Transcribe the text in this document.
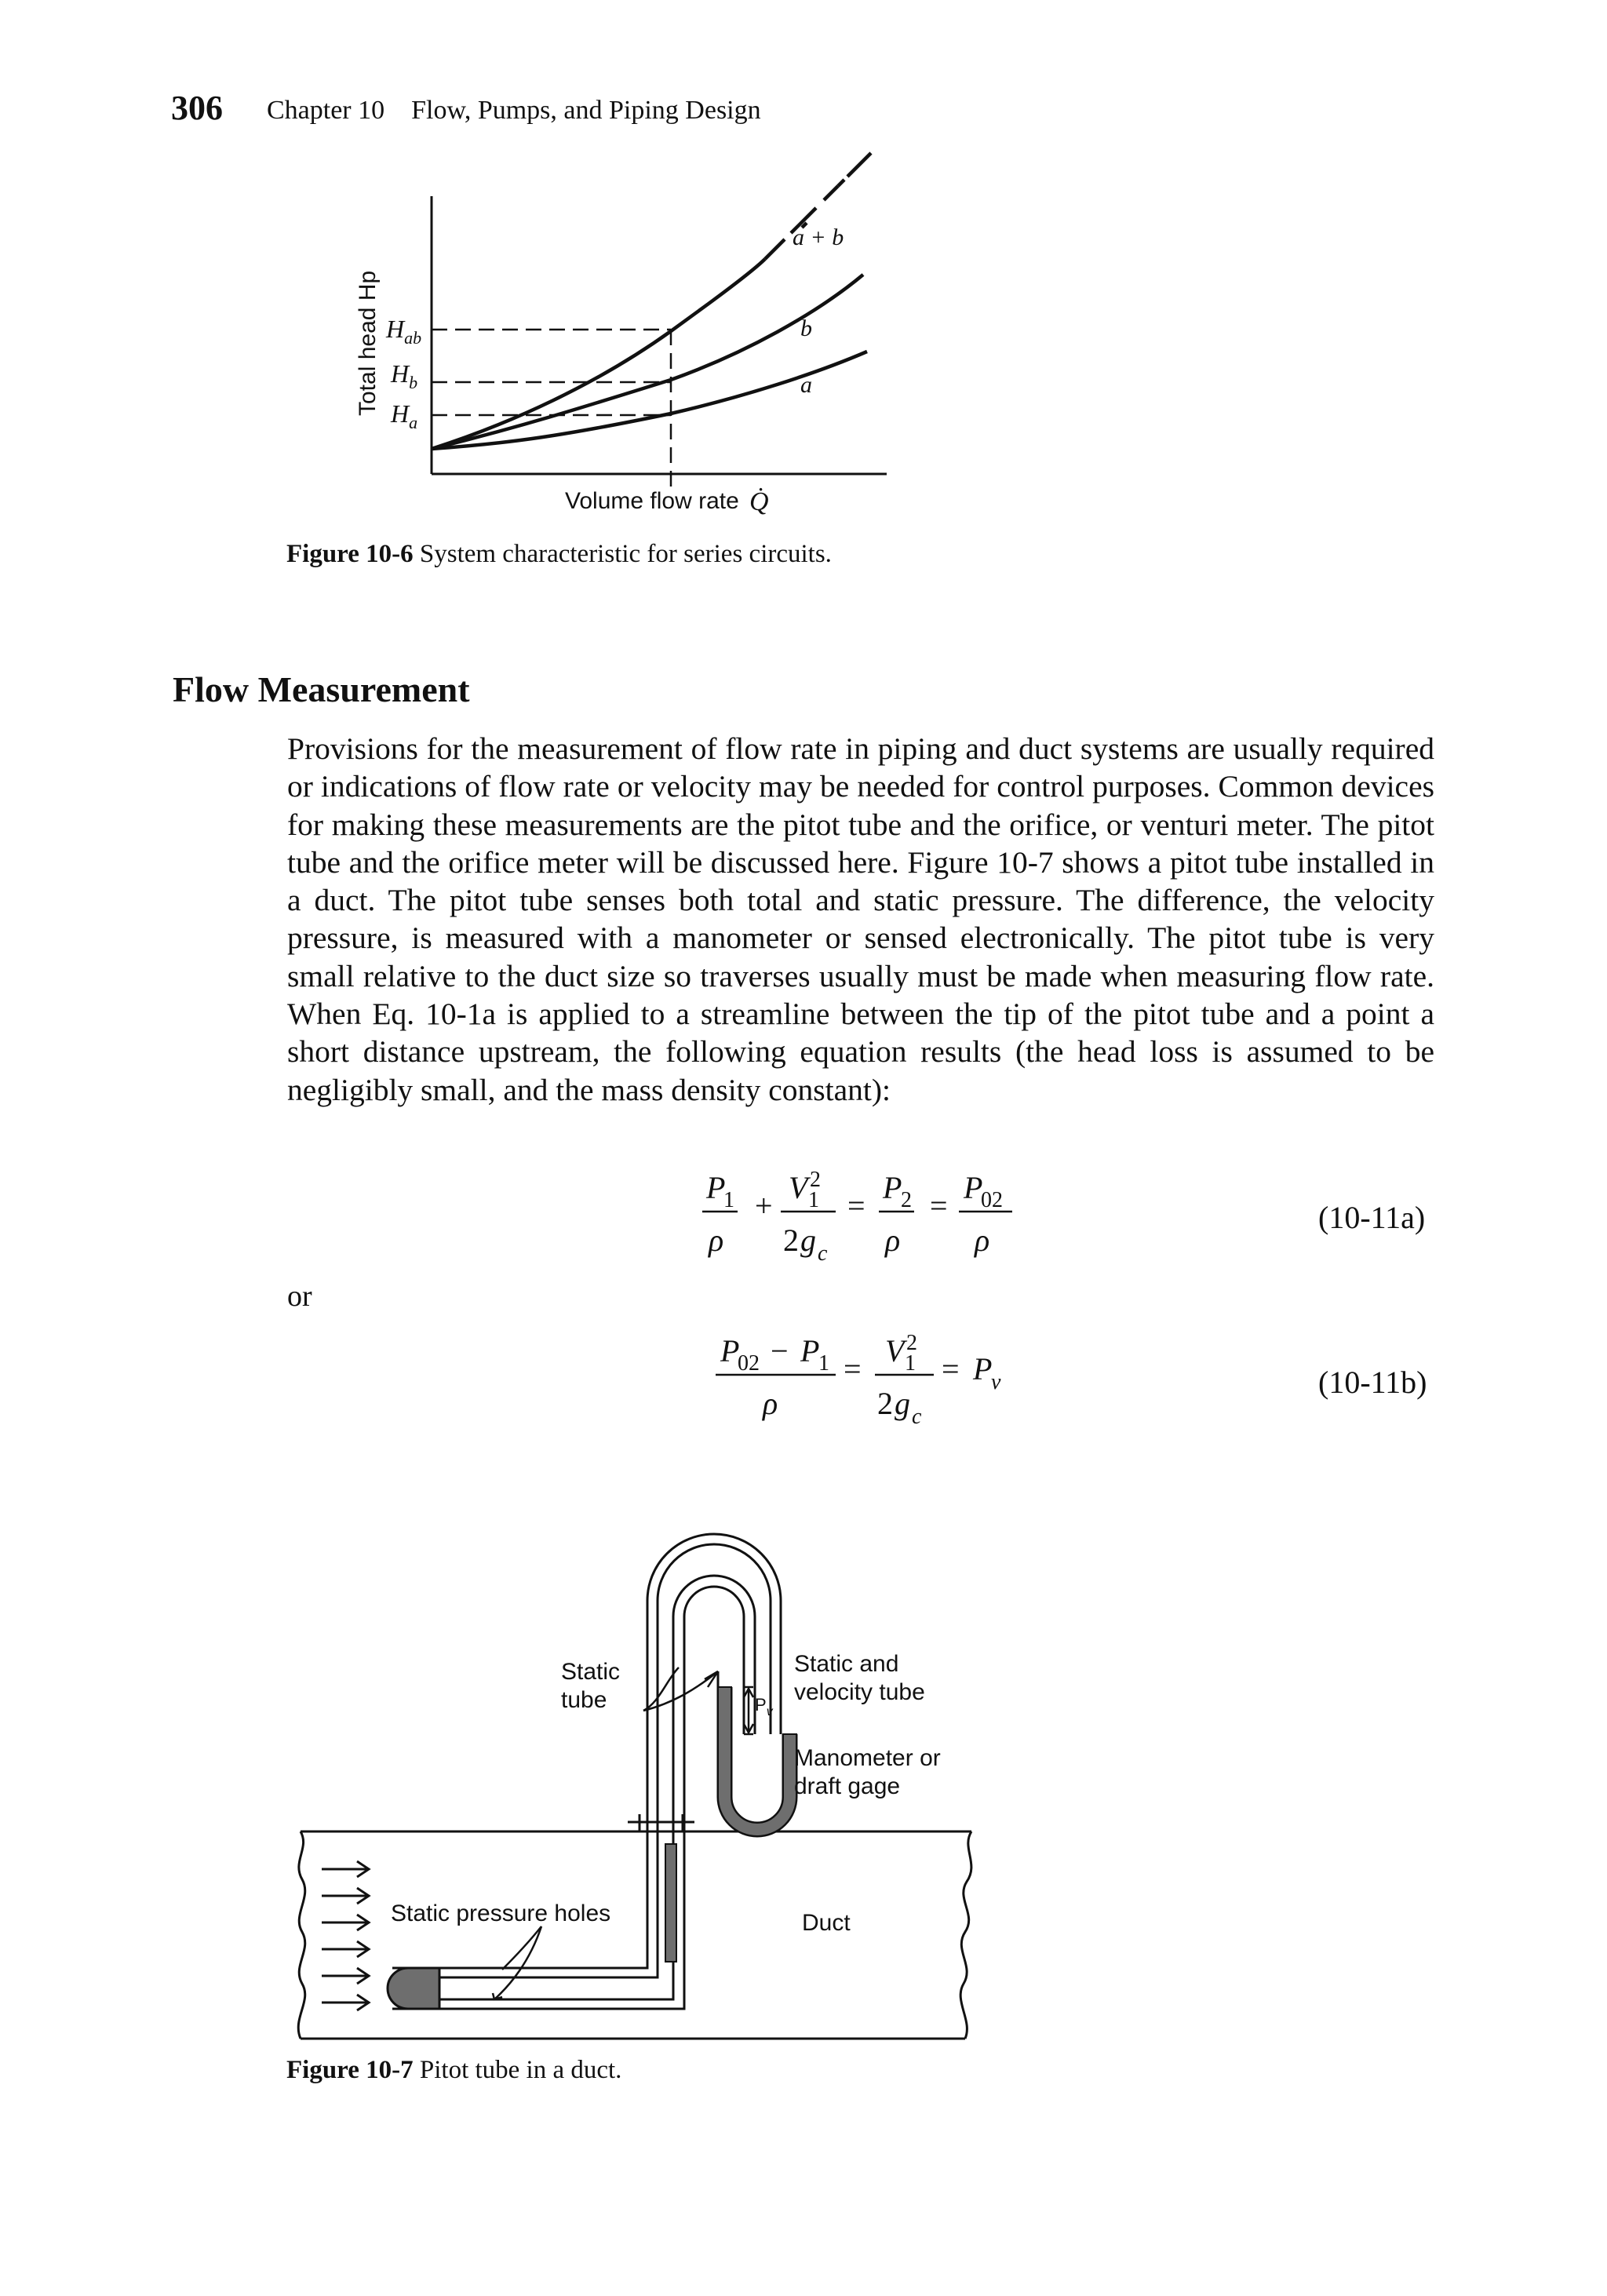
306 Chapter 10    Flow, Pumps, and Piping Design
Total head Hp $H_{ab}$
$H_b$
$H_a$
a + b
b
a
Volume flow rate Q̇
Figure 10-6 System characteristic for series circuits.
Flow Measurement

Provisions for the measurement of flow rate in piping and duct systems are usually required or indications of flow rate or velocity may be needed for control purposes. Common devices for making these measurements are the pitot tube and the orifice, or venturi meter. The pitot tube and the orifice meter will be discussed here. Figure 10-7 shows a pitot tube installed in a duct. The pitot tube senses both total and static pressure. The difference, the velocity pressure, is measured with a manometer or sensed electronically. The pitot tube is very small relative to the duct size so traverses usually must be made when measuring flow rate. When Eq. 10-1a is applied to a streamline between the tip of the pitot tube and a point a short distance upstream, the following equation results (the head loss is assumed to be negligibly small, and the mass density constant):

P
1
ρ
+
V 2
1
2 g c
=
P
2
ρ
=
P
02
ρ
(10-11a)
or
P
02 − P
1
ρ
=
V 2
1
2 g c
= P
v	(10-11b)
Static
tube
Static and
velocity tube
Manometer or
draft gage
Static pressure holes	Duct
$P_v$
Figure 10-7 Pitot tube in a duct.
